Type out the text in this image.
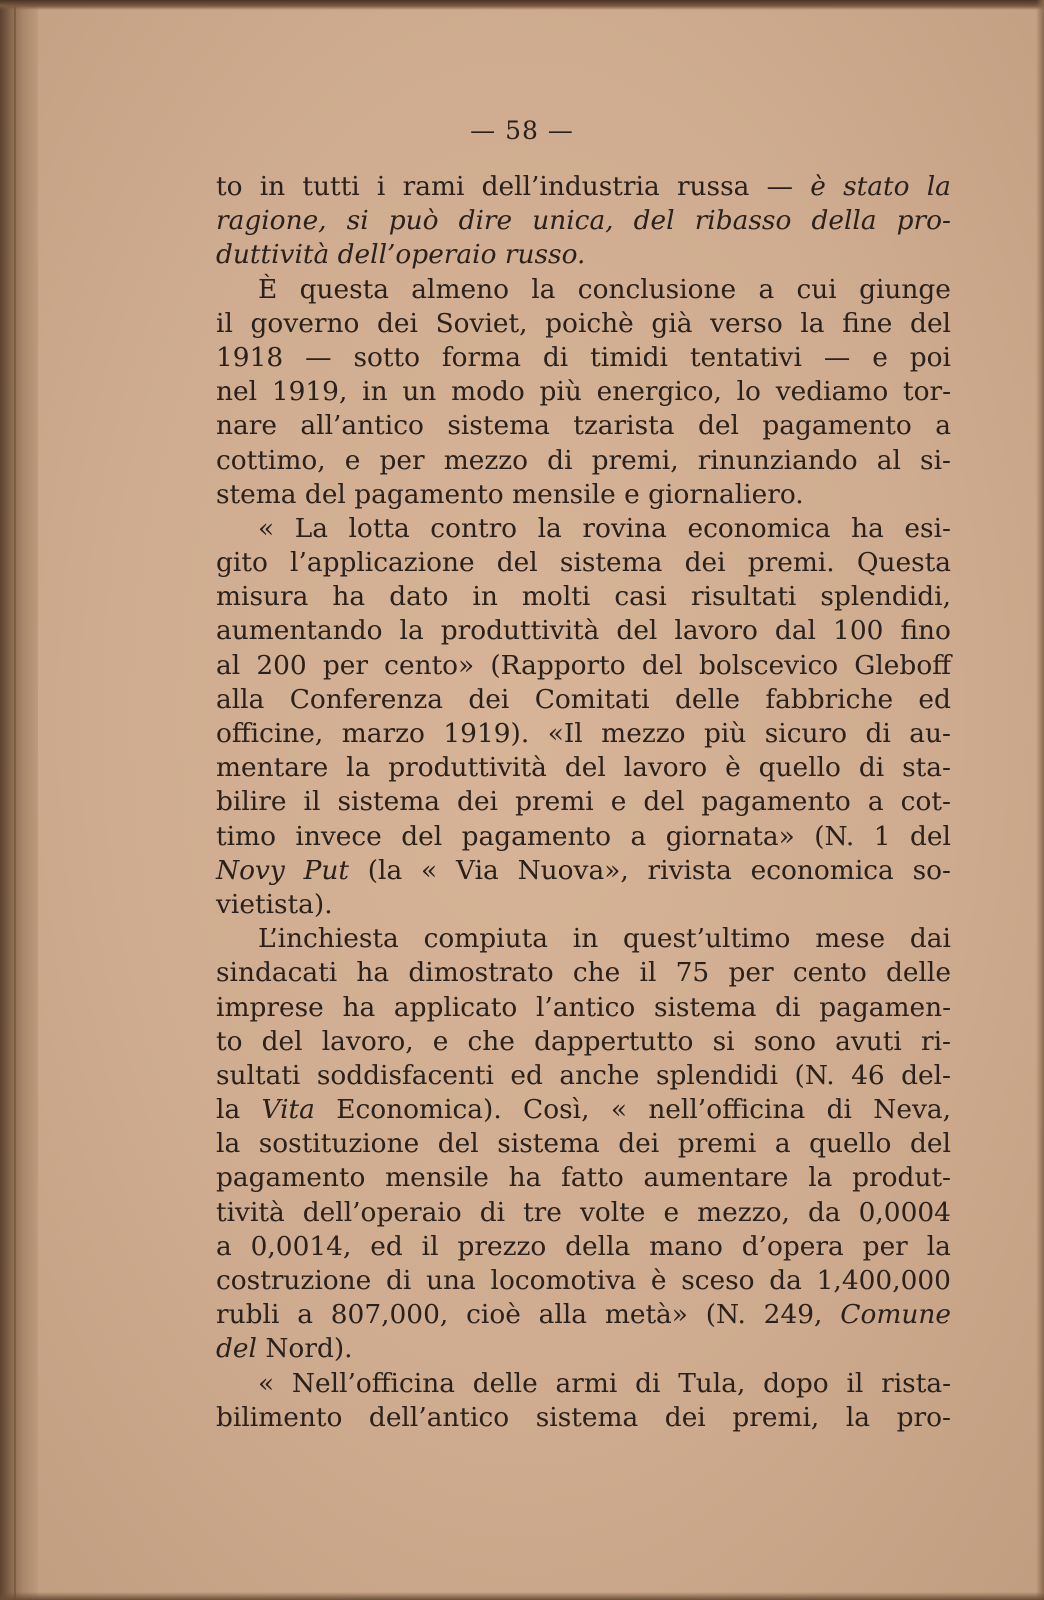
— 58 —
to in tutti i rami dell’industria russa — è stato la
ragione, si può dire unica, del ribasso della pro-
duttività dell’operaio russo.
È questa almeno la conclusione a cui giunge
il governo dei Soviet, poichè già verso la fine del
1918 — sotto forma di timidi tentativi — e poi
nel 1919, in un modo più energico, lo vediamo tor-
nare all’antico sistema tzarista del pagamento a
cottimo, e per mezzo di premi, rinunziando al si-
stema del pagamento mensile e giornaliero.
« La lotta contro la rovina economica ha esi-
gito l’applicazione del sistema dei premi. Questa
misura ha dato in molti casi risultati splendidi,
aumentando la produttività del lavoro dal 100 fino
al 200 per cento» (Rapporto del bolscevico Gleboff
alla Conferenza dei Comitati delle fabbriche ed
officine, marzo 1919). «Il mezzo più sicuro di au-
mentare la produttività del lavoro è quello di sta-
bilire il sistema dei premi e del pagamento a cot-
timo invece del pagamento a giornata» (N. 1 del
Novy Put (la « Via Nuova», rivista economica so-
vietista).
L’inchiesta compiuta in quest’ultimo mese dai
sindacati ha dimostrato che il 75 per cento delle
imprese ha applicato l’antico sistema di pagamen-
to del lavoro, e che dappertutto si sono avuti ri-
sultati soddisfacenti ed anche splendidi (N. 46 del-
la Vita Economica). Così, « nell’officina di Neva,
la sostituzione del sistema dei premi a quello del
pagamento mensile ha fatto aumentare la produt-
tività dell’operaio di tre volte e mezzo, da 0,0004
a 0,0014, ed il prezzo della mano d’opera per la
costruzione di una locomotiva è sceso da 1,400,000
rubli a 807,000, cioè alla metà» (N. 249, Comune
del Nord).
« Nell’officina delle armi di Tula, dopo il rista-
bilimento dell’antico sistema dei premi, la pro-
